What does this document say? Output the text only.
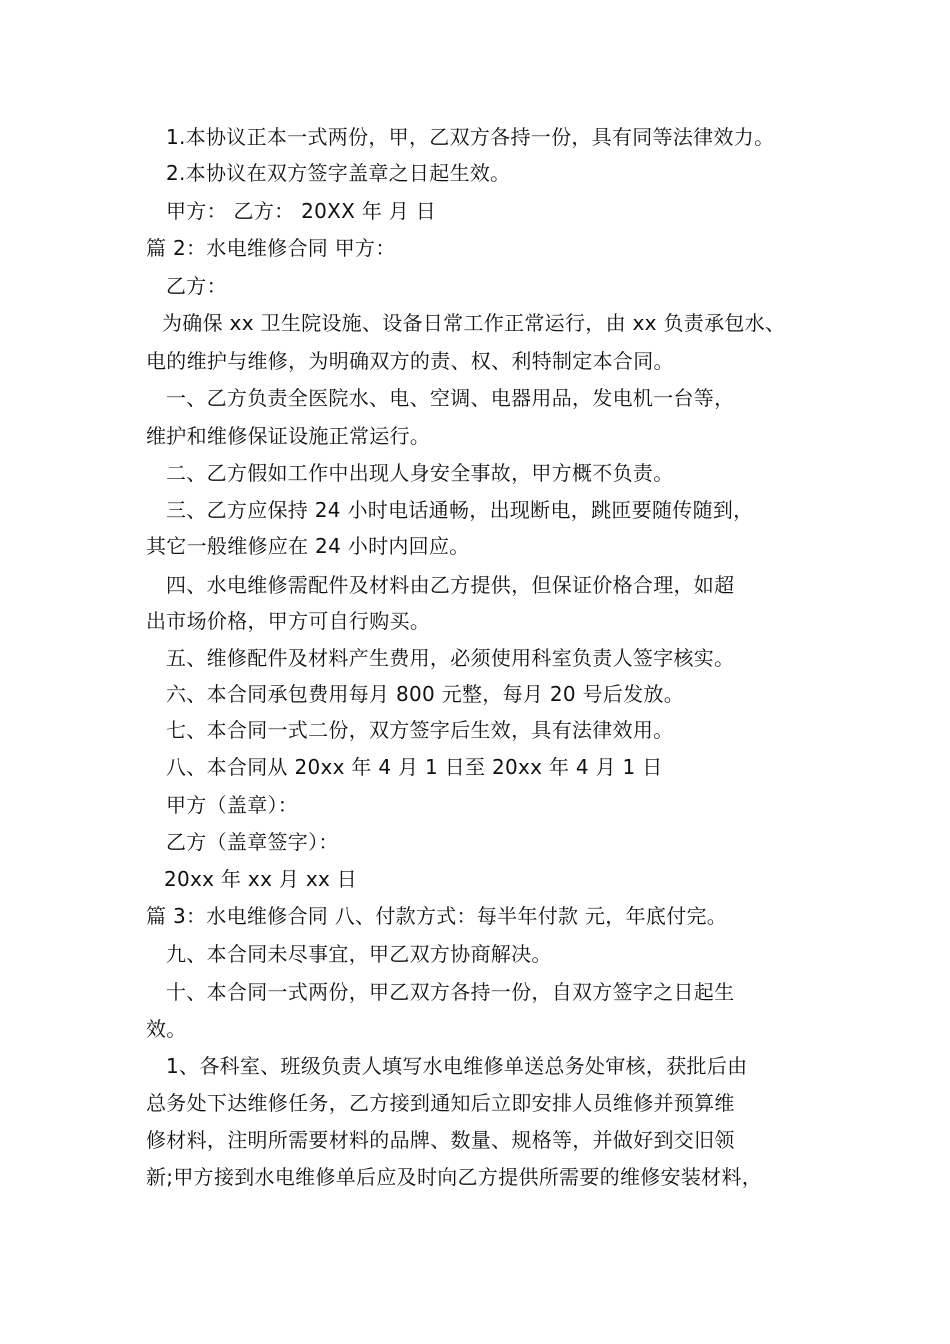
1.本协议正本一式两份，甲，乙双方各持一份，具有同等法律效力。
2.本协议在双方签字盖章之日起生效。
甲方： 乙方： 20XX 年 月 日
篇 2：水电维修合同 甲方：
乙方：
为确保 xx 卫生院设施、设备日常工作正常运行，由 xx 负责承包水、
电的维护与维修，为明确双方的责、权、利特制定本合同。
一、乙方负责全医院水、电、空调、电器用品，发电机一台等，
维护和维修保证设施正常运行。
二、乙方假如工作中出现人身安全事故，甲方概不负责。
三、乙方应保持 24 小时电话通畅，出现断电，跳匝要随传随到，
其它一般维修应在 24 小时内回应。
四、水电维修需配件及材料由乙方提供，但保证价格合理，如超
出市场价格，甲方可自行购买。
五、维修配件及材料产生费用，必须使用科室负责人签字核实。
六、本合同承包费用每月 800 元整，每月 20 号后发放。
七、本合同一式二份，双方签字后生效，具有法律效用。
八、本合同从 20xx 年 4 月 1 日至 20xx 年 4 月 1 日
甲方（盖章）：
乙方（盖章签字）：
20xx 年 xx 月 xx 日
篇 3：水电维修合同 八、付款方式：每半年付款 元，年底付完。
九、本合同未尽事宜，甲乙双方协商解决。
十、本合同一式两份，甲乙双方各持一份，自双方签字之日起生
效。
1、各科室、班级负责人填写水电维修单送总务处审核，获批后由
总务处下达维修任务，乙方接到通知后立即安排人员维修并预算维
修材料，注明所需要材料的品牌、数量、规格等，并做好到交旧领
新;甲方接到水电维修单后应及时向乙方提供所需要的维修安装材料，
